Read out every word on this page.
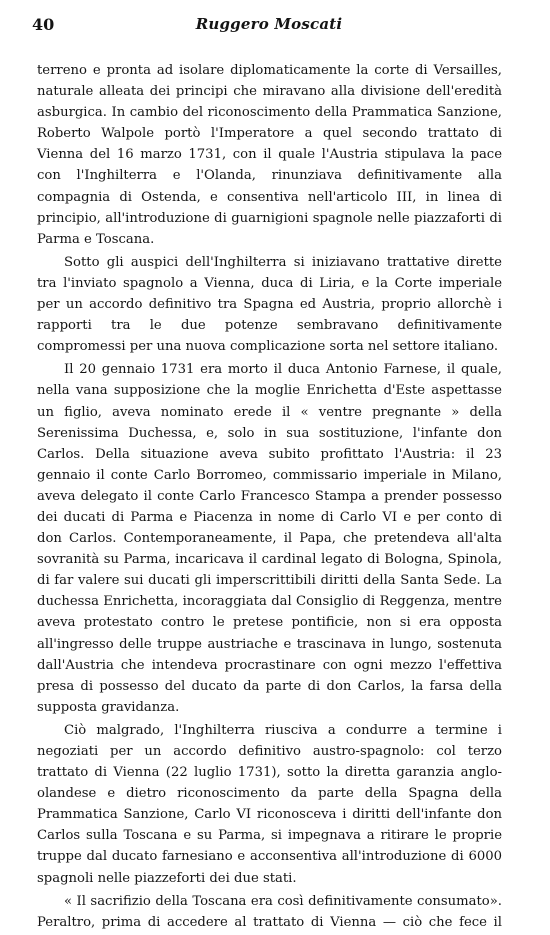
40	Ruggero Moscati

terreno e pronta ad isolare diplomaticamente la corte di Versailles, naturale alleata dei principi che miravano alla divisione dell'eredità asburgica. In cambio del riconoscimento della Prammatica Sanzione, Roberto Walpole portò l'Imperatore a quel secondo trattato di Vienna del 16 marzo 1731, con il quale l'Austria stipulava la pace con l'Inghilterra e l'Olanda, rinunziava definitivamente alla compagnia di Ostenda, e consentiva nell'articolo III, in linea di principio, all'introduzione di guarnigioni spagnole nelle piazzaforti di Parma e Toscana.

Sotto gli auspici dell'Inghilterra si iniziavano trattative dirette tra l'inviato spagnolo a Vienna, duca di Liria, e la Corte imperiale per un accordo definitivo tra Spagna ed Austria, proprio allorchè i rapporti tra le due potenze sembravano definitivamente compromessi per una nuova complicazione sorta nel settore italiano.

Il 20 gennaio 1731 era morto il duca Antonio Farnese, il quale, nella vana supposizione che la moglie Enrichetta d'Este aspettasse un figlio, aveva nominato erede il « ventre pregnante » della Serenissima Duchessa, e, solo in sua sostituzione, l'infante don Carlos. Della situazione aveva subito profittato l'Austria: il 23 gennaio il conte Carlo Borromeo, commissario imperiale in Milano, aveva delegato il conte Carlo Francesco Stampa a prender possesso dei ducati di Parma e Piacenza in nome di Carlo VI e per conto di don Carlos. Contemporaneamente, il Papa, che pretendeva all'alta sovranità su Parma, incaricava il cardinal legato di Bologna, Spinola, di far valere sui ducati gli imperscrittibili diritti della Santa Sede. La duchessa Enrichetta, incoraggiata dal Consiglio di Reggenza, mentre aveva protestato contro le pretese pontificie, non si era opposta all'ingresso delle truppe austriache e trascinava in lungo, sostenuta dall'Austria che intendeva procrastinare con ogni mezzo l'effettiva presa di possesso del ducato da parte di don Carlos, la farsa della supposta gravidanza.

Ciò malgrado, l'Inghilterra riusciva a condurre a termine i negoziati per un accordo definitivo austro-spagnolo: col terzo trattato di Vienna (22 luglio 1731), sotto la diretta garanzia anglo-olandese e dietro riconoscimento da parte della Spagna della Prammatica Sanzione, Carlo VI riconosceva i diritti dell'infante don Carlos sulla Toscana e su Parma, si impegnava a ritirare le proprie truppe dal ducato farnesiano e acconsentiva all'introduzione di 6000 spagnoli nelle piazzeforti dei due stati.

« Il sacrifizio della Toscana era così definitivamente consumato». Peraltro, prima di accedere al trattato di Vienna — ciò che fece il
